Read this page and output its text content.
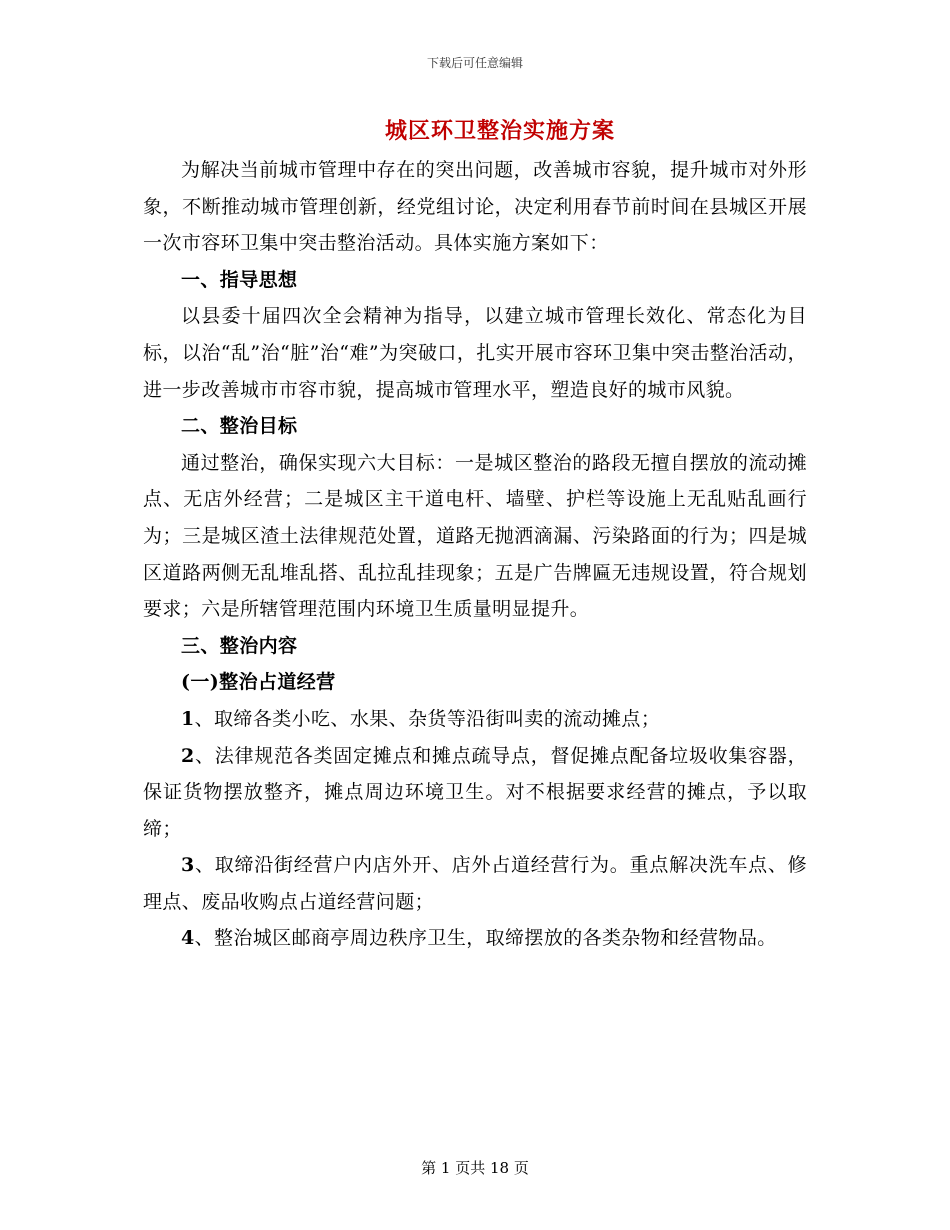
下载后可任意编辑
城区环卫整治实施方案

为解决当前城市管理中存在的突出问题，改善城市容貌，提升城市对外形象，不断推动城市管理创新，经党组讨论，决定利用春节前时间在县城区开展一次市容环卫集中突击整治活动。具体实施方案如下：

一、指导思想

以县委十届四次全会精神为指导，以建立城市管理长效化、常态化为目标，以治“乱”治“脏”治“难”为突破口，扎实开展市容环卫集中突击整治活动，进一步改善城市市容市貌，提高城市管理水平，塑造良好的城市风貌。

二、整治目标

通过整治，确保实现六大目标：一是城区整治的路段无擅自摆放的流动摊点、无店外经营；二是城区主干道电杆、墙壁、护栏等设施上无乱贴乱画行为；三是城区渣土法律规范处置，道路无抛洒滴漏、污染路面的行为；四是城区道路两侧无乱堆乱搭、乱拉乱挂现象；五是广告牌匾无违规设置，符合规划要求；六是所辖管理范围内环境卫生质量明显提升。

三、整治内容

(一)整治占道经营

1、取缔各类小吃、水果、杂货等沿街叫卖的流动摊点；

2、法律规范各类固定摊点和摊点疏导点，督促摊点配备垃圾收集容器，保证货物摆放整齐，摊点周边环境卫生。对不根据要求经营的摊点，予以取缔；

3、取缔沿街经营户内店外开、店外占道经营行为。重点解决洗车点、修理点、废品收购点占道经营问题；

4、整治城区邮商亭周边秩序卫生，取缔摆放的各类杂物和经营物品。

第 1 页共 18 页
